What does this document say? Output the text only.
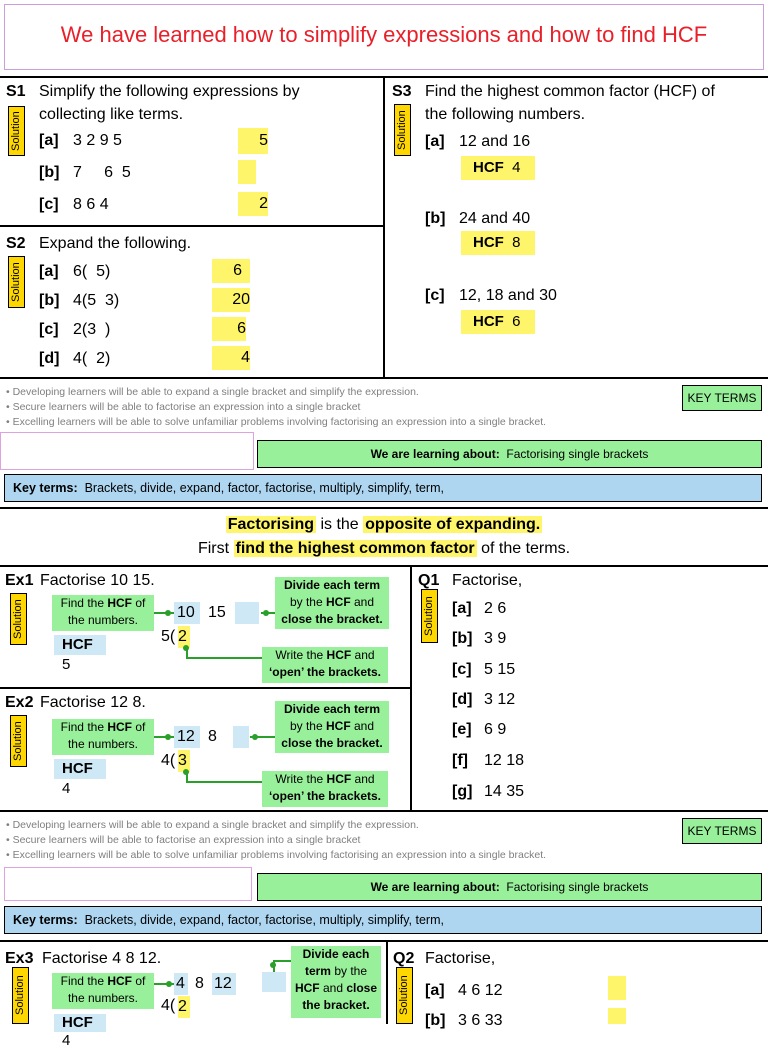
We have learned how to simplify expressions and how to find HCF
S1 Simplify the following expressions by
collecting like terms.
Solution [a] 3 2 9 5	5
[b] 7     6  5
[c] 8 6 4	2
S2 Expand the following.
Solution [a] 6(  5)	6
[b] 4(5  3)	20
[c] 2(3  )	6
[d] 4(  2)	4
S3 Find the highest common factor (HCF) of
the following numbers.
Solution [a] 12 and 16
HCF 4
[b] 24 and 40
HCF 8
[c] 12, 18 and 30
HCF 6
• Developing learners will be able to expand a single bracket and simplify the expression.
• Secure learners will be able to factorise an expression into a single bracket
• Excelling learners will be able to solve unfamiliar problems involving factorising an expression into a single bracket.
KEY TERMS
We are learning about: Factorising single brackets
Key terms: Brackets, divide, expand, factor, factorise, multiply, simplify, term,
Factorising is the opposite of expanding.
First find the highest common factor of the terms.
Ex1 Factorise 10 15.
Solution	Find the HCF of
the numbers.
HCF  5
10 15
Divide each term
by the HCF and
close the bracket.
5( 2
Write the HCF and
‘open’ the brackets.
Ex2 Factorise 12 8.
Solution	Find the HCF of
the numbers.
HCF  4
12 8
Divide each term
by the HCF and
close the bracket.
4( 3
Write the HCF and
‘open’ the brackets.
Q1 Factorise,
Solution [a] 2 6
[b] 3 9
[c] 5 15
[d] 3 12
[e] 6 9
[f] 12 18
[g] 14 35
• Developing learners will be able to expand a single bracket and simplify the expression.
• Secure learners will be able to factorise an expression into a single bracket
• Excelling learners will be able to solve unfamiliar problems involving factorising an expression into a single bracket.
KEY TERMS
We are learning about: Factorising single brackets
Key terms: Brackets, divide, expand, factor, factorise, multiply, simplify, term,
Ex3 Factorise 4 8 12.
Solution	Find the HCF of
the numbers.
HCF  4
4 8 12
4( 2
Divide each
term by the
HCF and close
the bracket.
Q2 Factorise,
Solution [a] 4 6 12
[b] 3 6 33
